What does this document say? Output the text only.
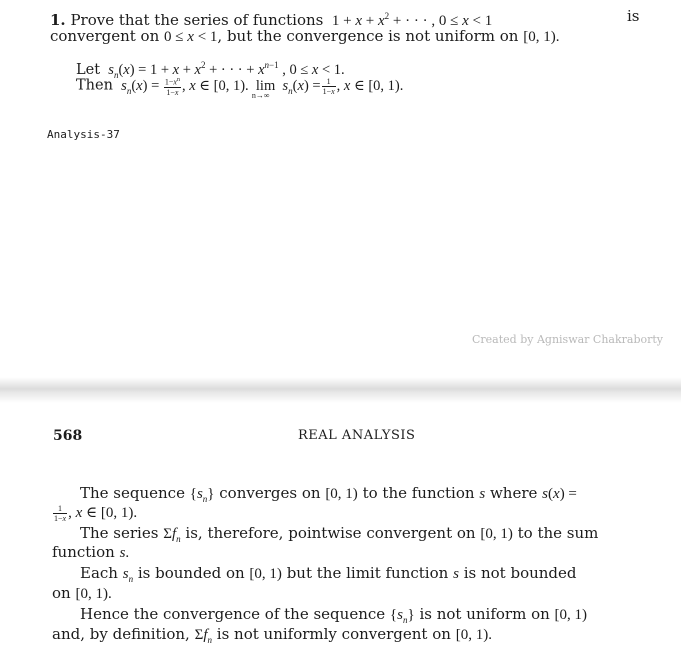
1. Prove that the series of functions  $1 + x + x^2$ + · · · , 0 ≤ x < 1	is
convergent on 0 ≤ x < 1, but the convergence is not uniform on [0, 1).
Let $s_n(x) = 1 + x + x^2$ + · · · + $x^{n-1}$ , 0 ≤ x < 1.
Then $s_n(x) = \frac{1-x^n}{1-x}$ , x ∈ [0, 1).  lim
n→∞
$s_n(x) = \frac{1}{1-x}$ , x ∈ [0, 1).
Analysis-37
Created by Agniswar Chakraborty
568	REAL ANALYSIS
The sequence $\{s_n\}$ converges on [0, 1) to the function s where s(x) =
$\frac{1}{1-x}$ , x ∈ [0, 1).
The series $\Sigma f_n$ is, therefore, pointwise convergent on [0, 1) to the sum
function s.
Each $s_n$ is bounded on [0, 1) but the limit function s is not bounded
on [0, 1).
Hence the convergence of the sequence $\{s_n\}$ is not uniform on [0, 1)
and, by definition, $\Sigma f_n$ is not uniformly convergent on [0, 1).
